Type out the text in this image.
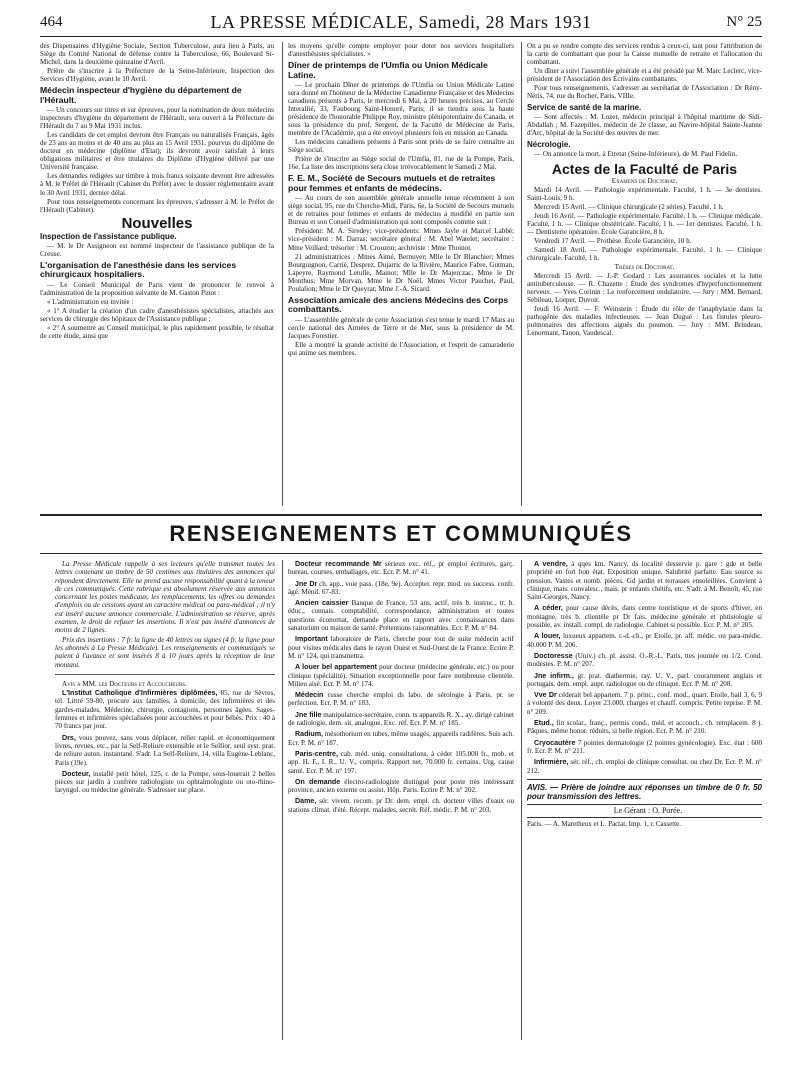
464	LA PRESSE MÉDICALE, Samedi, 28 Mars 1931	N° 25

des Dispensaires d'Hygiène Sociale, Section Tuberculose, aura lieu à Paris, au Siège du Comité National de défense contre la Tuberculose, 66, Boulevard St-Michel, dans la deuxième quinzaine d'Avril.

Prière de s'inscrire à la Préfecture de la Seine-Inférieure, Inspection des Services d'Hygiène, avant le 10 Avril.

Médecin inspecteur d'hygiène du département de l'Hérault.

— Un concours sur titres et sur épreuves, pour la nomination de deux médecins inspecteurs d'hygiène du département de l'Hérault, sera ouvert à la Préfecture de l'Hérault du 7 au 9 Mai 1931 inclus.

Les candidats de cet emploi devront être Français ou naturalisés Français, âgés de 23 ans au moins et de 40 ans au plus au 15 Avril 1931, pourvus du diplôme de docteur en médecine (diplôme d'Etat); ils devront avoir satisfait à leurs obligations militaires et être titulaires du Diplôme d'Hygiène délivré par une Université française.

Les demandes rédigées sur timbre à trois francs soixante devront être adressées à M. le Préfet de l'Hérault (Cabinet du Préfet) avec le dossier réglementaire avant le 30 Avril 1931, dernier délai.

Pour tous renseignements concernant les épreuves, s'adresser à M. le Préfet de l'Hérault (Cabinet).

Nouvelles
Inspection de l'assistance publique.

— M. le Dr Assigneon est nommé inspecteur de l'assistance publique de la Creuse.

L'organisation de l'anesthésie dans les services chirurgicaux hospitaliers.

— Le Conseil Municipal de Paris vient de prononcer le renvoi à l'administration de la proposition suivante de M. Gaston Pinot :

« L'administration est invitée :

« 1° A étudier la création d'un cadre d'anesthésistes spécialistes, attachés aux services de chirurgie des hôpitaux de l'Assistance publique ;

« 2° A soumettre au Conseil municipal, le plus rapidement possible, le résultat de cette étude, ainsi que

les moyens qu'elle compte employer pour doter nos services hospitaliers d'anesthésistes spécialistes. »

Dîner de printemps de l'Umfia ou Union Médicale Latine.

— Le prochain Dîner de printemps de l'Umfia ou Union Médicale Latine sera donné en l'honneur de la Médecine Canadienne Française et des Médecins canadiens présents à Paris, le mercredi 6 Mai, à 20 heures précises, au Cercle Interallié, 33, Faubourg Saint-Honoré, Paris; il se tiendra sous la haute présidence de l'honorable Philippe Roy, ministre plénipotentiaire du Canada, et sous la présidence du prof. Sergent, de la Faculté de Médecine de Paris, membre de l'Académie, qui a été envoyé plusieurs fois en mission au Canada.

Les médecins canadiens présents à Paris sont priés de se faire connaître au Siège social.

Prière de s'inscrire au Siège social de l'Umfia, 81, rue de la Pompe, Paris, 16e. La liste des inscriptions sera close irrévocablement le Samedi 2 Mai.

F. E. M., Société de Secours mutuels et de retraites pour femmes et enfants de médecins.

— Au cours de son assemblée générale annuelle tenue récemment à son siège social, 95, rue du Cherche-Midi, Paris, 6e, la Société de Secours mutuels et de retraites pour femmes et enfants de médecins a modifié en partie son Bureau et son Conseil d'administration qui sont composés comme suit :

Président: M. A. Siredey; vice-présidents: Mmes Jayle et Marcel Labbé; vice-président : M. Darras; secrétaire général : M. Abel Watelet; secrétaire : Mme Veillard; trésorier : M. Crouzon; archiviste : Mme Thoinot.

21 administratrices : Mmes Aimé, Bernuyer; Mlle le Dr Blanchier; Mmes Bourguignon, Carrié, Desprez, Dujarric de la Rivière, Maurice Fabre, Gutman, Lapeyre, Raymond Letulle, Mainot; Mlle le Dr Majerczac, Mme le Dr Monthus; Mme Morvan, Mme le Dr Noël, Mmes Victor Pauchet, Paul, Poulalion; Mme le Dr Queyrat; Mme J.-A. Sicard.

Association amicale des anciens Médecins des Corps combattants.

— L'assemblée générale de cette Association s'est tenue le mardi 17 Mars au cercle national des Armées de Terre et de Mer, sous la présidence de M. Jacques Forestier.

Elle a montré la grande activité de l'Association, et l'esprit de camaraderie qui anime ses membres.

On a pu se rendre compte des services rendus à ceux-ci, tant pour l'attribution de la carte de combattant que pour la Caisse mutuelle de retraite et l'allocation du combattant.

Un dîner a suivi l'assemblée générale et a été présidé par M. Marc Leclerc, vice-président de l'Association des Écrivains combattants.

Pour tous renseignements, s'adresser au secrétariat de l'Association : Dr Rény-Néris, 74, rue du Rocher, Paris, VIIIe.

Service de santé de la marine.

— Sont affectés : M. Lozer, médecin principal à l'hôpital maritime de Sidi-Abdallah ; M. Fazepilles, médecin de 2e classe, au Navire-hôpital Sainte-Jeanne d'Arc, hôpital de la Société des œuvres de mer.

Nécrologie.

— On annonce la mort, à Etretat (Seine-Inférieure), de M. Paul Fidelin.

Actes de la Faculté de Paris

Examens de Doctorat.

Mardi 14 Avril. — Pathologie expérimentale. Faculté, 1 h. — 3e dentistes. Saint-Louis, 9 h.

Mercredi 15 Avril. — Clinique chirurgicale (2 séries), Faculté, 1 h.

Jeudi 16 Avril. — Pathologie expérimentale. Faculté, 1 h. — Clinique médicale. Faculté, 1 h. — Clinique obstétricale. Faculté, 1 h. — 1er dentistes. Faculté, 1 h. — Dentisterie opératoire. École Garancière, 8 h.

Vendredi 17 Avril. — Prothèse. École Garancière, 10 h.

Samedi 18 Avril. — Pathologie expérimentale. Faculté, 1 h. — Clinique chirurgicale. Faculté, 1 h.

Thèses de Doctorat.

Mercredi 15 Avril. — J.-P. Godard : Les assurances sociales et la lutte antituberculeuse. — R. Chazette : Étude des syndromes d'hyperfonctionnement nerveux. — Yves Corinin : Le renforcement ondulatoire. — Jury : MM. Bernard, Sebileau, Loeper, Duvoir.

Jeudi 16 Avril. — F. Weinstein : Étude du rôle de l'anaphylaxie dans la pathogénie des maladies infectieuses. — Jean Dugué : Les fistules pleuro-pulmonaires des affections aiguës du poumon. — Jury : MM. Brindeau, Lenormant, Tanon, Vaudescal.

RENSEIGNEMENTS ET COMMUNIQUÉS

La Presse Médicale rappelle à ses lecteurs qu'elle transmet toutes les lettres contenant un timbre de 50 centimes aux titulaires des annonces qui répondent directement. Elle ne prend aucune responsabilité quant à la teneur de ces communiqués. Cette rubrique est absolument réservée aux annonces concernant les postes médicaux, les remplacements, les offres ou demandes d'emplois ou de cessions ayant un caractère médical ou para-médical ; il n'y est inséré aucune annonce commerciale. L'administration se réserve, après examen, le droit de refuser les insertions. Il n'est pas inséré d'annonces de moins de 2 lignes.

Prix des insertions : 7 fr. la ligne de 40 lettres ou signes (4 fr. la ligne pour les abonnés à La Presse Médicale). Les renseignements et communiqués se paient à l'avance et sont insérés 8 à 10 jours après la réception de leur montant.

Avis à MM. les Docteurs et Accoucheurs.

L'Institut Catholique d'Infirmières diplômées, 85, rue de Sèvres, tél. Littré 59-80, procure aux familles, à domicile, des infirmières et des gardes-malades. Médecine, chirurgie, contagions, personnes âgées. Sages-femmes et infirmières spécialisées pour accouchées et pour bébés. Prix : 40 à 70 francs par jour.

Drs, vous pouvez, sans vous déplacer, relier rapid. et économiquement livres, revues, etc., par la Self-Reliure extensible et le Selfior, seul syst. prat. de reliure auton. instantané. S'adr. La Self-Reliure, 14, villa Eugène-Leblanc, Paris (19e).

Docteur, installé petit hôtel, 125, r. de la Pompe, sous-louerait 2 belles pièces sur jardin à confrère radiologiste ou ophtalmologiste ou oto-rhino-laryngol. ou médecine générale. S'adresser sur place.

Docteur recommande Mr sérieux exc. réf., pr emploi écritures, garç. bureau, courses, emballages, etc. Ecr. P. M. n° 41.

Jne Dr ch. app., voie pass. (18e, 9e). Accepter. repr. mod. ou success. confr. âgé. Ménil. 67-83.

Ancien caissier Banque de France, 53 ans, actif, très b. instruc., tr. b. éduc., connais. comptabilité, correspondance, administration et toutes questions économat, demande place en rapport avec connaissances dans sanatorium ou maison de santé. Prétentions raisonnables. Ecr. P. M. n° 84.

Important laboratoire de Paris, cherche pour tout de suite médecin actif pour visites médicales dans le rayon Ouest et Sud-Ouest de la France. Ecrire P. M. n° 124, qui transmettra.

A louer bel appartement pour docteur (médecine générale, etc.) ou pour clinique (spécialité). Situation exceptionnelle pour faire nombreuse clientèle. Milieu aisé. Ecr. P. M. n° 174.

Médecin russe cherche emploi ds labo. de sérologie à Paris, pr. se perfection. Ecr. P. M. n° 183.

Jne fille manipulatrice-secrétaire, conn. ts appareils R. X., ay. dirigé cabinet de radiologie, dem. sit. analogue. Exc. réf. Ecr. P. M. n° 185.

Radium, mésothorium en tubes, même usagés, appareils radifères. Suis ach. Ecr. P. M. n° 187.

Paris-centre, cab. méd. uniq. consultations, à céder 105.000 fr., mob. et app. H. F., I. R., U. V., compris. Rapport net, 70.000 fr. certains. Urg. cause santé. Ecr. P. M. n° 197.

On demande électro-radiologiste distingué pour poste très intéressant province, ancien externe ou assist. Hôp. Paris. Ecrire P. M. n° 202.

Dame, sér. vivem. recom. pr Dr. dem. empl. ch. docteur villes d'eaux ou stations climat. d'été. Récept. malades, secrét. Réf. médic. P. M. n° 203.

A vendre, à qqes km. Nancy, ds localité desservie p. gare : gde et belle propriété en fort bon état. Exposition unique. Salubrité parfaite. Eau source ss pression. Vastes et nomb. pièces. Gd jardin et terrasses ensoleillées. Convient à clinique, mais. convalesc., mais. pr enfants chétifs, etc. S'adr. à M. Benoît, 45, rue Saint-Georges, Nancy.

A céder, pour cause décès, dans centre touristique et de sports d'hiver, en montagne, très b. clientèle pr Dr fais. médecine générale et phtisiologie si possible, av. install. compl. de radiologie. Cabinet si possible. Ecr. P. M. n° 205.

A louer, luxueux appartem. r.-d.-ch., pr Etoile, pr. aff. médic. ou para-médic. 40.000 P. M. 206.

Doctoresse (Univ.) ch. pl. assist. O.-R.-L. Paris, ttes journée ou 1/2. Cond. modestes. P. M. n° 207.

Jne infirm., gr. prat. diathermie, ray. U. V., parl. couramment anglais et portugais, dem. empl. aupr. radiologue ou de clinique. Ecr. P. M. n° 208.

Vve Dr céderait bel appartem. 7 p. princ., conf. mod., quart. Etoile, bail 3, 6, 9 à volonté des deux. Loyer 23.000, charges et chauff. compris. Petite reprise. P. M. n° 209.

Etud., fin scolar., franç., permis cond., méd. et accouch., ch. remplacem. 8 j. Pâques, même honor. réduits, si belle région. Ecr. P. M. n° 210.

Cryocautère 7 pointes dermatologie (2 pointes gynécologie). Exc. état : 600 fr. Ecr. P. M. n° 211.

Infirmière, sér. réf., ch. emploi de clinique consultat. ou chez Dr. Ecr. P. M. n° 212.

AVIS. — Prière de joindre aux réponses un timbre de 0 fr. 50 pour transmission des lettres.

Le Gérant : O. Porée.

Paris. — A. Maretheux et L. Pactat, Imp. 1, r. Cassette.
